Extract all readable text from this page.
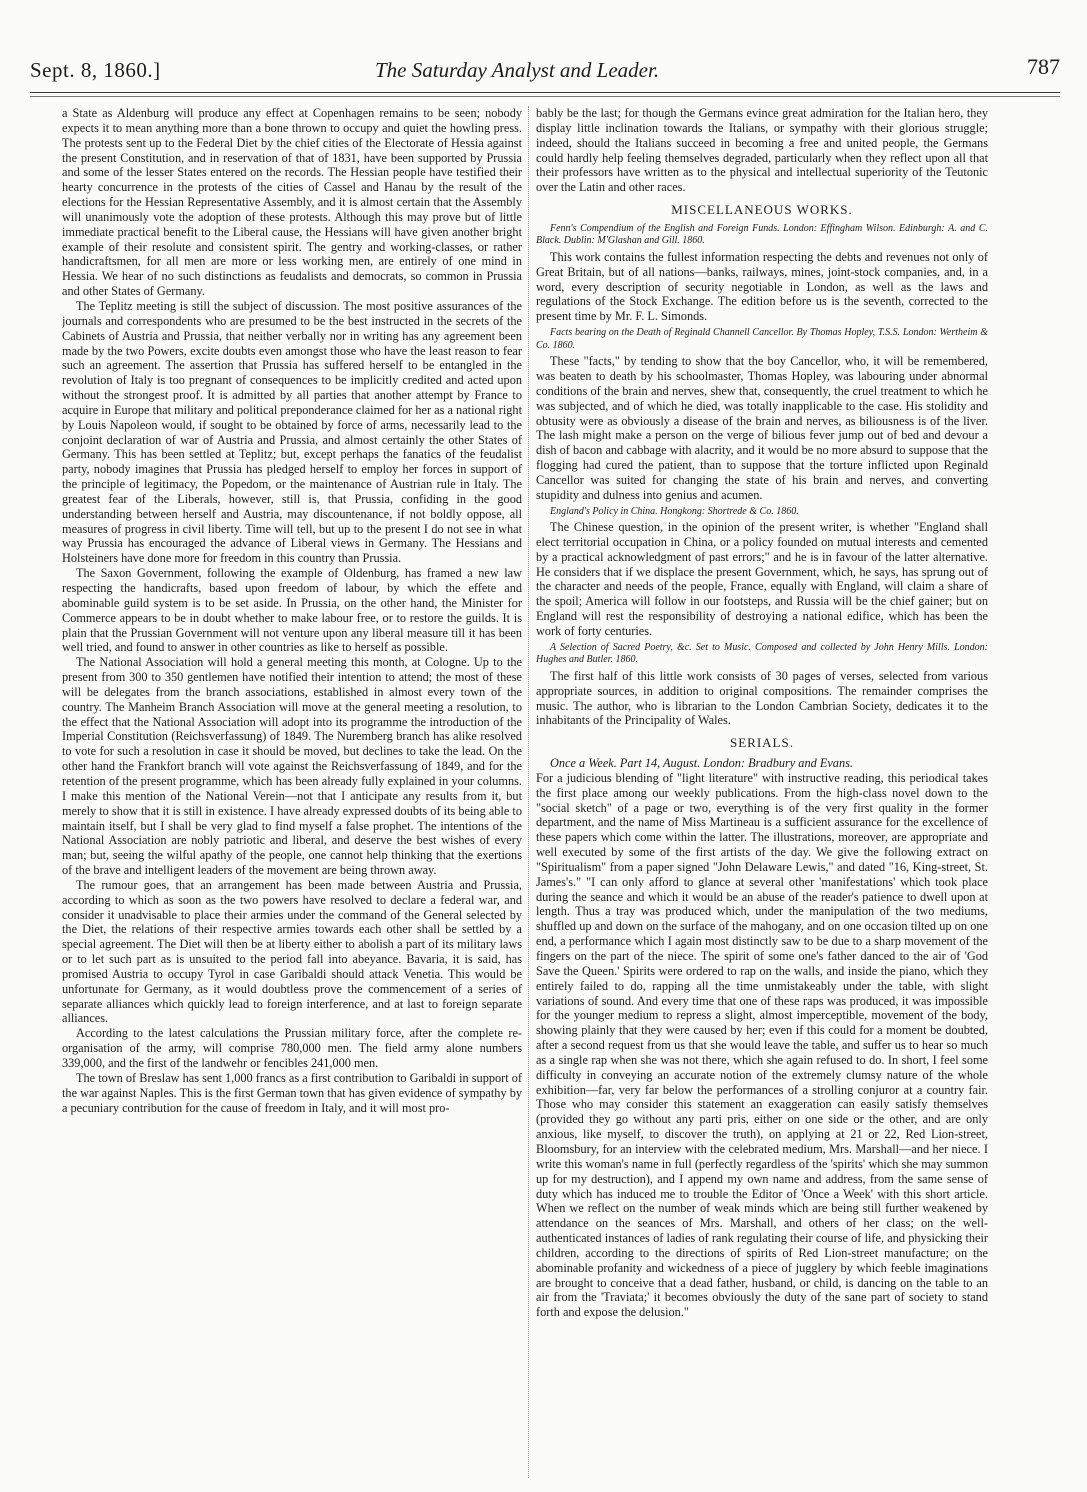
Sept. 8, 1860.]	The Saturday Analyst and Leader.	787

a State as Aldenburg will produce any effect at Copenhagen remains to be seen; nobody expects it to mean anything more than a bone thrown to occupy and quiet the howling press. The protests sent up to the Federal Diet by the chief cities of the Electorate of Hessia against the present Constitution, and in reservation of that of 1831, have been supported by Prussia and some of the lesser States entered on the records. The Hessian people have testified their hearty concurrence in the protests of the cities of Cassel and Hanau by the result of the elections for the Hessian Representative Assembly, and it is almost certain that the Assembly will unanimously vote the adoption of these protests. Although this may prove but of little immediate practical benefit to the Liberal cause, the Hessians will have given another bright example of their resolute and consistent spirit. The gentry and working-classes, or rather handicraftsmen, for all men are more or less working men, are entirely of one mind in Hessia. We hear of no such distinctions as feudalists and democrats, so common in Prussia and other States of Germany.

The Teplitz meeting is still the subject of discussion. The most positive assurances of the journals and correspondents who are presumed to be the best instructed in the secrets of the Cabinets of Austria and Prussia, that neither verbally nor in writing has any agreement been made by the two Powers, excite doubts even amongst those who have the least reason to fear such an agreement. The assertion that Prussia has suffered herself to be entangled in the revolution of Italy is too pregnant of consequences to be implicitly credited and acted upon without the strongest proof. It is admitted by all parties that another attempt by France to acquire in Europe that military and political preponderance claimed for her as a national right by Louis Napoleon would, if sought to be obtained by force of arms, necessarily lead to the conjoint declaration of war of Austria and Prussia, and almost certainly the other States of Germany. This has been settled at Teplitz; but, except perhaps the fanatics of the feudalist party, nobody imagines that Prussia has pledged herself to employ her forces in support of the principle of legitimacy, the Popedom, or the maintenance of Austrian rule in Italy. The greatest fear of the Liberals, however, still is, that Prussia, confiding in the good understanding between herself and Austria, may discountenance, if not boldly oppose, all measures of progress in civil liberty. Time will tell, but up to the present I do not see in what way Prussia has encouraged the advance of Liberal views in Germany. The Hessians and Holsteiners have done more for freedom in this country than Prussia.

The Saxon Government, following the example of Oldenburg, has framed a new law respecting the handicrafts, based upon freedom of labour, by which the effete and abominable guild system is to be set aside. In Prussia, on the other hand, the Minister for Commerce appears to be in doubt whether to make labour free, or to restore the guilds. It is plain that the Prussian Government will not venture upon any liberal measure till it has been well tried, and found to answer in other countries as like to herself as possible.

The National Association will hold a general meeting this month, at Cologne. Up to the present from 300 to 350 gentlemen have notified their intention to attend; the most of these will be delegates from the branch associations, established in almost every town of the country. The Manheim Branch Association will move at the general meeting a resolution, to the effect that the National Association will adopt into its programme the introduction of the Imperial Constitution (Reichsverfassung) of 1849. The Nuremberg branch has alike resolved to vote for such a resolution in case it should be moved, but declines to take the lead. On the other hand the Frankfort branch will vote against the Reichsverfassung of 1849, and for the retention of the present programme, which has been already fully explained in your columns. I make this mention of the National Verein—not that I anticipate any results from it, but merely to show that it is still in existence. I have already expressed doubts of its being able to maintain itself, but I shall be very glad to find myself a false prophet. The intentions of the National Association are nobly patriotic and liberal, and deserve the best wishes of every man; but, seeing the wilful apathy of the people, one cannot help thinking that the exertions of the brave and intelligent leaders of the movement are being thrown away.

The rumour goes, that an arrangement has been made between Austria and Prussia, according to which as soon as the two powers have resolved to declare a federal war, and consider it unadvisable to place their armies under the command of the General selected by the Diet, the relations of their respective armies towards each other shall be settled by a special agreement. The Diet will then be at liberty either to abolish a part of its military laws or to let such part as is unsuited to the period fall into abeyance. Bavaria, it is said, has promised Austria to occupy Tyrol in case Garibaldi should attack Venetia. This would be unfortunate for Germany, as it would doubtless prove the commencement of a series of separate alliances which quickly lead to foreign interference, and at last to foreign separate alliances.

According to the latest calculations the Prussian military force, after the complete re-organisation of the army, will comprise 780,000 men. The field army alone numbers 339,000, and the first of the landwehr or fencibles 241,000 men.

The town of Breslaw has sent 1,000 francs as a first contribution to Garibaldi in support of the war against Naples. This is the first German town that has given evidence of sympathy by a pecuniary contribution for the cause of freedom in Italy, and it will most pro-

bably be the last; for though the Germans evince great admiration for the Italian hero, they display little inclination towards the Italians, or sympathy with their glorious struggle; indeed, should the Italians succeed in becoming a free and united people, the Germans could hardly help feeling themselves degraded, particularly when they reflect upon all that their professors have written as to the physical and intellectual superiority of the Teutonic over the Latin and other races.

MISCELLANEOUS WORKS.
Fenn's Compendium of the English and Foreign Funds. London: Effingham Wilson. Edinburgh: A. and C. Black. Dublin: M'Glashan and Gill. 1860.

This work contains the fullest information respecting the debts and revenues not only of Great Britain, but of all nations—banks, railways, mines, joint-stock companies, and, in a word, every description of security negotiable in London, as well as the laws and regulations of the Stock Exchange. The edition before us is the seventh, corrected to the present time by Mr. F. L. Simonds.

Facts bearing on the Death of Reginald Channell Cancellor. By Thomas Hopley, T.S.S. London: Wertheim & Co. 1860.

These "facts," by tending to show that the boy Cancellor, who, it will be remembered, was beaten to death by his schoolmaster, Thomas Hopley, was labouring under abnormal conditions of the brain and nerves, shew that, consequently, the cruel treatment to which he was subjected, and of which he died, was totally inapplicable to the case. His stolidity and obtusity were as obviously a disease of the brain and nerves, as biliousness is of the liver. The lash might make a person on the verge of bilious fever jump out of bed and devour a dish of bacon and cabbage with alacrity, and it would be no more absurd to suppose that the flogging had cured the patient, than to suppose that the torture inflicted upon Reginald Cancellor was suited for changing the state of his brain and nerves, and converting stupidity and dulness into genius and acumen.

England's Policy in China. Hongkong: Shortrede & Co. 1860.

The Chinese question, in the opinion of the present writer, is whether "England shall elect territorial occupation in China, or a policy founded on mutual interests and cemented by a practical acknowledgment of past errors;" and he is in favour of the latter alternative. He considers that if we displace the present Government, which, he says, has sprung out of the character and needs of the people, France, equally with England, will claim a share of the spoil; America will follow in our footsteps, and Russia will be the chief gainer; but on England will rest the responsibility of destroying a national edifice, which has been the work of forty centuries.

A Selection of Sacred Poetry, &c. Set to Music. Composed and collected by John Henry Mills. London: Hughes and Butler. 1860.

The first half of this little work consists of 30 pages of verses, selected from various appropriate sources, in addition to original compositions. The remainder comprises the music. The author, who is librarian to the London Cambrian Society, dedicates it to the inhabitants of the Principality of Wales.

SERIALS.

Once a Week. Part 14, August. London: Bradbury and Evans.

For a judicious blending of "light literature" with instructive reading, this periodical takes the first place among our weekly publications. From the high-class novel down to the "social sketch" of a page or two, everything is of the very first quality in the former department, and the name of Miss Martineau is a sufficient assurance for the excellence of these papers which come within the latter. The illustrations, moreover, are appropriate and well executed by some of the first artists of the day. We give the following extract on "Spiritualism" from a paper signed "John Delaware Lewis," and dated "16, King-street, St. James's." "I can only afford to glance at several other 'manifestations' which took place during the seance and which it would be an abuse of the reader's patience to dwell upon at length. Thus a tray was produced which, under the manipulation of the two mediums, shuffled up and down on the surface of the mahogany, and on one occasion tilted up on one end, a performance which I again most distinctly saw to be due to a sharp movement of the fingers on the part of the niece. The spirit of some one's father danced to the air of 'God Save the Queen.' Spirits were ordered to rap on the walls, and inside the piano, which they entirely failed to do, rapping all the time unmistakeably under the table, with slight variations of sound. And every time that one of these raps was produced, it was impossible for the younger medium to repress a slight, almost imperceptible, movement of the body, showing plainly that they were caused by her; even if this could for a moment be doubted, after a second request from us that she would leave the table, and suffer us to hear so much as a single rap when she was not there, which she again refused to do. In short, I feel some difficulty in conveying an accurate notion of the extremely clumsy nature of the whole exhibition—far, very far below the performances of a strolling conjuror at a country fair. Those who may consider this statement an exaggeration can easily satisfy themselves (provided they go without any parti pris, either on one side or the other, and are only anxious, like myself, to discover the truth), on applying at 21 or 22, Red Lion-street, Bloomsbury, for an interview with the celebrated medium, Mrs. Marshall—and her niece. I write this woman's name in full (perfectly regardless of the 'spirits' which she may summon up for my destruction), and I append my own name and address, from the same sense of duty which has induced me to trouble the Editor of 'Once a Week' with this short article. When we reflect on the number of weak minds which are being still further weakened by attendance on the seances of Mrs. Marshall, and others of her class; on the well-authenticated instances of ladies of rank regulating their course of life, and physicking their children, according to the directions of spirits of Red Lion-street manufacture; on the abominable profanity and wickedness of a piece of jugglery by which feeble imaginations are brought to conceive that a dead father, husband, or child, is dancing on the table to an air from the 'Traviata;' it becomes obviously the duty of the sane part of society to stand forth and expose the delusion."
